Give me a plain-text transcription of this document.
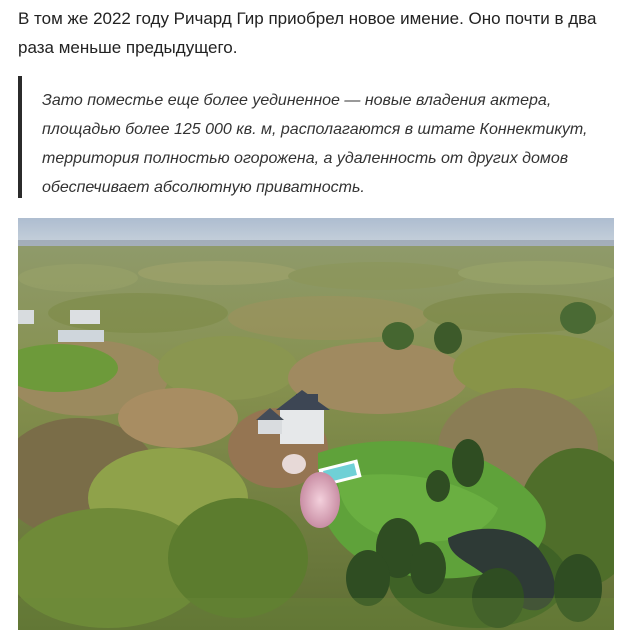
В том же 2022 году Ричард Гир приобрел новое имение. Оно почти в два раза меньше предыдущего.

Зато поместье еще более уединенное — новые владения актера, площадью более 125 000 кв. м, располагаются в штате Коннектикут, территория полностью огорожена, а удаленность от других домов обеспечивает абсолютную приватность.
